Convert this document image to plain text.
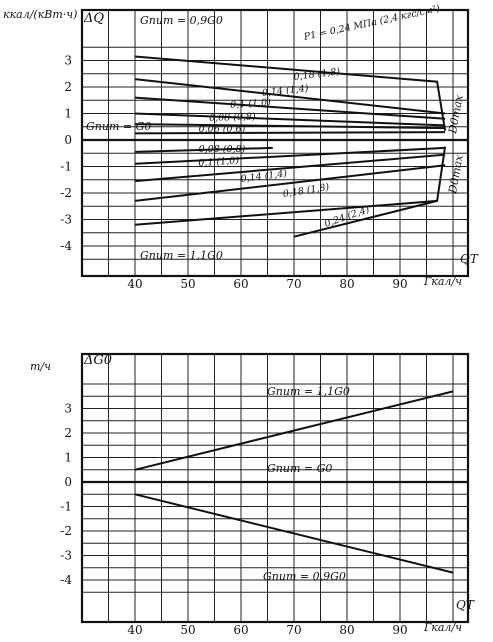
40	50	60	70	80	90
3
2
1
0
-1
-2
-3
-4
P1 = 0,24 МПа (2,4 кгс/см²)
0,18 (1,8)
0,14 (1,4)
0,1 (1,0)
0,08 (0,8)
0,06 (0,6)
0,08 (0,8)
0,1 (1,0)
0,14 (1,4)
0,18 (1,8)
0,24 (2,4)
ккал/(кВт·ч) ΔQ	Gпит = 0,9G0
Gпит = G0
Gпит = 1,1G0	QT
Гкал/ч
D0max
D0max
40	50	60	70	80	90
3
2
1
0
-1
-2
-3
-4
т/ч	ΔG0
Gпит = 1,1G0
Gпит = G0
Gпит = 0,9G0
QT
Гкал/ч
